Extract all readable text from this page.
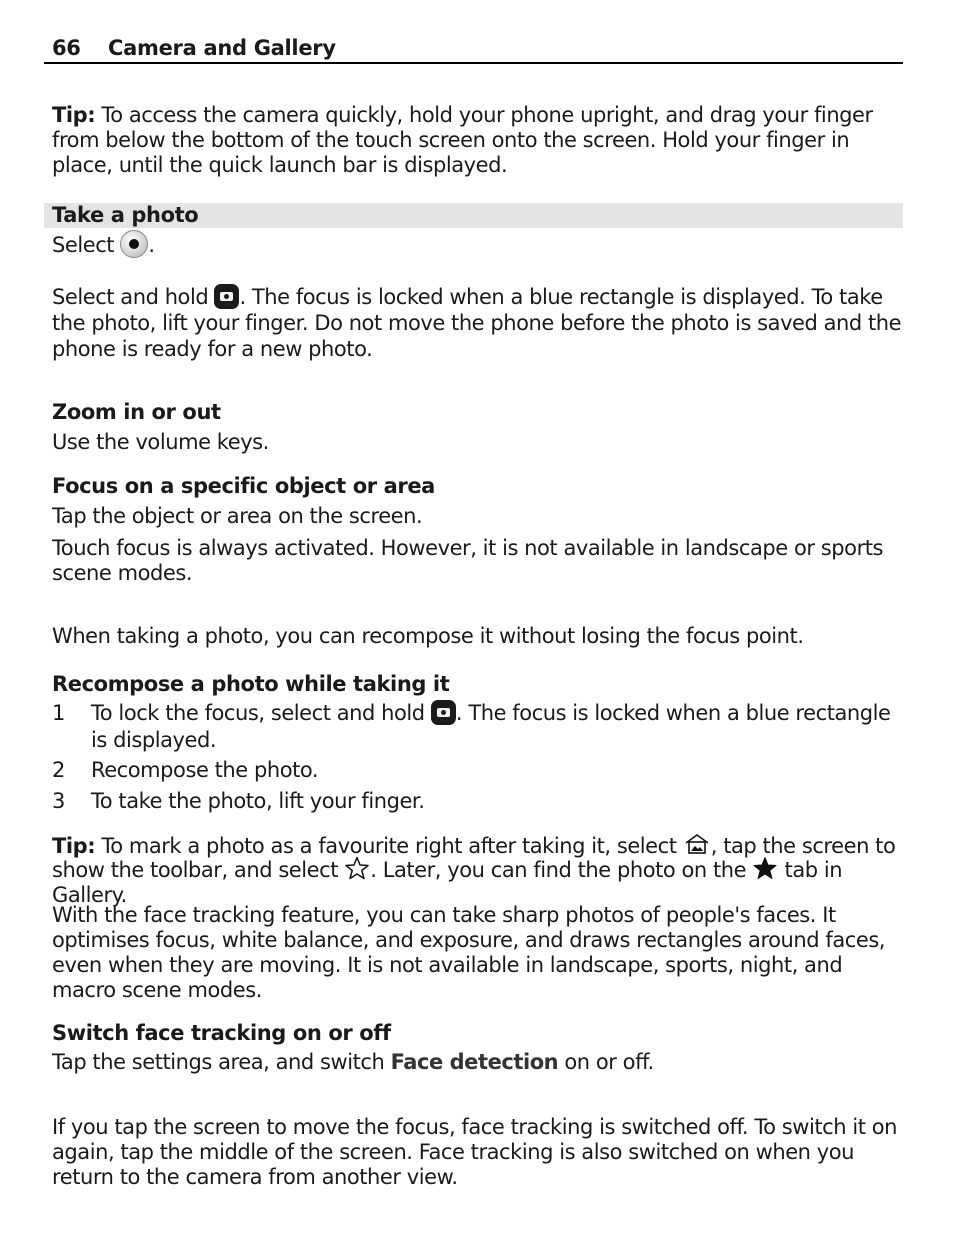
66 Camera and Gallery
Tip: To access the camera quickly, hold your phone upright, and drag your finger from below the bottom of the touch screen onto the screen. Hold your finger in place, until the quick launch bar is displayed.
Take a photo
Select .
Select and hold . The focus is locked when a blue rectangle is displayed. To take the photo, lift your finger. Do not move the phone before the photo is saved and the phone is ready for a new photo.
Zoom in or out
Use the volume keys.
Focus on a specific object or area
Tap the object or area on the screen.
Touch focus is always activated. However, it is not available in landscape or sports scene modes.
When taking a photo, you can recompose it without losing the focus point.
Recompose a photo while taking it
1 To lock the focus, select and hold . The focus is locked when a blue rectangle is displayed.
2 Recompose the photo.
3 To take the photo, lift your finger.
Tip: To mark a photo as a favourite right after taking it, select , tap the screen to show the toolbar, and select . Later, you can find the photo on the  tab in Gallery.
With the face tracking feature, you can take sharp photos of people's faces. It optimises focus, white balance, and exposure, and draws rectangles around faces, even when they are moving. It is not available in landscape, sports, night, and macro scene modes.
Switch face tracking on or off
Tap the settings area, and switch Face detection on or off.
If you tap the screen to move the focus, face tracking is switched off. To switch it on again, tap the middle of the screen. Face tracking is also switched on when you return to the camera from another view.
